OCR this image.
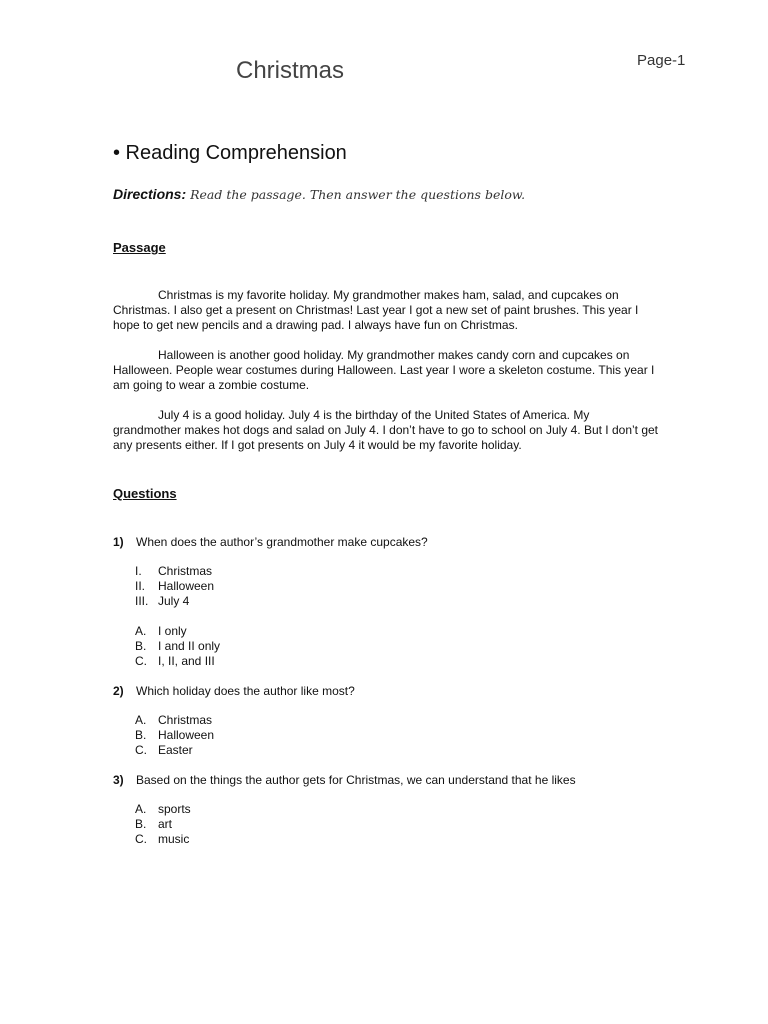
Page-1
Christmas
• Reading Comprehension
Directions: Read the passage. Then answer the questions below.
Passage

Christmas is my favorite holiday. My grandmother makes ham, salad, and cupcakes on Christmas. I also get a present on Christmas! Last year I got a new set of paint brushes. This year I hope to get new pencils and a drawing pad. I always have fun on Christmas.

Halloween is another good holiday. My grandmother makes candy corn and cupcakes on Halloween. People wear costumes during Halloween. Last year I wore a skeleton costume. This year I am going to wear a zombie costume.

July 4 is a good holiday. July 4 is the birthday of the United States of America. My grandmother makes hot dogs and salad on July 4. I don’t have to go to school on July 4. But I don’t get any presents either. If I got presents on July 4 it would be my favorite holiday.

Questions
1) When does the author’s grandmother make cupcakes?
I. Christmas
II. Halloween
III. July 4
A. I only
B. I and II only
C. I, II, and III
2) Which holiday does the author like most?
A. Christmas
B. Halloween
C. Easter
3) Based on the things the author gets for Christmas, we can understand that he likes
A. sports
B. art
C. music
